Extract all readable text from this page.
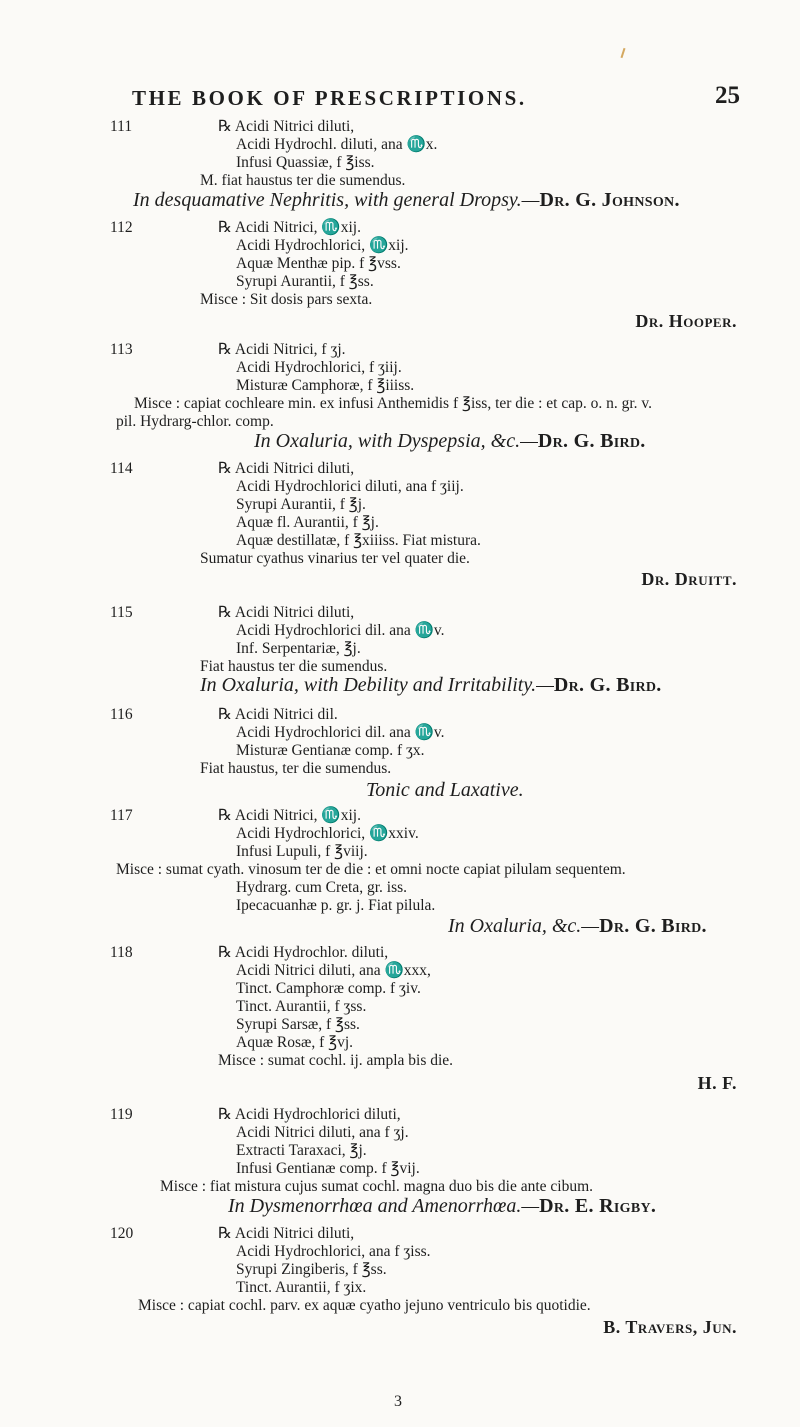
THE BOOK OF PRESCRIPTIONS.	25
111	℞ Acidi Nitrici diluti,
Acidi Hydrochl. diluti, ana ♏x.
Infusi Quassiæ, f ℥iss.
M. fiat haustus ter die sumendus.
In desquamative Nephritis, with general Dropsy.—Dr. G. Johnson.
112	℞ Acidi Nitrici, ♏xij.
Acidi Hydrochlorici, ♏xij.
Aquæ Menthæ pip. f ℥vss.
Syrupi Aurantii, f ℥ss.
Misce : Sit dosis pars sexta.
Dr. Hooper.
113	℞ Acidi Nitrici, f ʒj.
Acidi Hydrochlorici, f ʒiij.
Misturæ Camphoræ, f ℥iiiss.
Misce : capiat cochleare min. ex infusi Anthemidis f ℥iss, ter die : et cap. o. n. gr. v.
pil. Hydrarg-chlor. comp.
In Oxaluria, with Dyspepsia, &c.—Dr. G. Bird.
114	℞ Acidi Nitrici diluti,
Acidi Hydrochlorici diluti, ana f ʒiij.
Syrupi Aurantii, f ℥j.
Aquæ fl. Aurantii, f ℥j.
Aquæ destillatæ, f ℥xiiiss. Fiat mistura.
Sumatur cyathus vinarius ter vel quater die.
Dr. Druitt.
115	℞ Acidi Nitrici diluti,
Acidi Hydrochlorici dil. ana ♏v.
Inf. Serpentariæ, ℥j.
Fiat haustus ter die sumendus.
In Oxaluria, with Debility and Irritability.—Dr. G. Bird.
116	℞ Acidi Nitrici dil.
Acidi Hydrochlorici dil. ana ♏v.
Misturæ Gentianæ comp. f ʒx.
Fiat haustus, ter die sumendus.
Tonic and Laxative.
117	℞ Acidi Nitrici, ♏xij.
Acidi Hydrochlorici, ♏xxiv.
Infusi Lupuli, f ℥viij.
Misce : sumat cyath. vinosum ter de die : et omni nocte capiat pilulam sequentem.
Hydrarg. cum Creta, gr. iss.
Ipecacuanhæ p. gr. j. Fiat pilula.
In Oxaluria, &c.—Dr. G. Bird.
118	℞ Acidi Hydrochlor. diluti,
Acidi Nitrici diluti, ana ♏xxx,
Tinct. Camphoræ comp. f ʒiv.
Tinct. Aurantii, f ʒss.
Syrupi Sarsæ, f ℥ss.
Aquæ Rosæ, f ℥vj.
Misce : sumat cochl. ij. ampla bis die.
H. F.
119	℞ Acidi Hydrochlorici diluti,
Acidi Nitrici diluti, ana f ʒj.
Extracti Taraxaci, ℥j.
Infusi Gentianæ comp. f ℥vij.
Misce : fiat mistura cujus sumat cochl. magna duo bis die ante cibum.
In Dysmenorrhœa and Amenorrhœa.—Dr. E. Rigby.
120	℞ Acidi Nitrici diluti,
Acidi Hydrochlorici, ana f ʒiss.
Syrupi Zingiberis, f ℥ss.
Tinct. Aurantii, f ʒix.
Misce : capiat cochl. parv. ex aquæ cyatho jejuno ventriculo bis quotidie.
B. Travers, Jun.
3
